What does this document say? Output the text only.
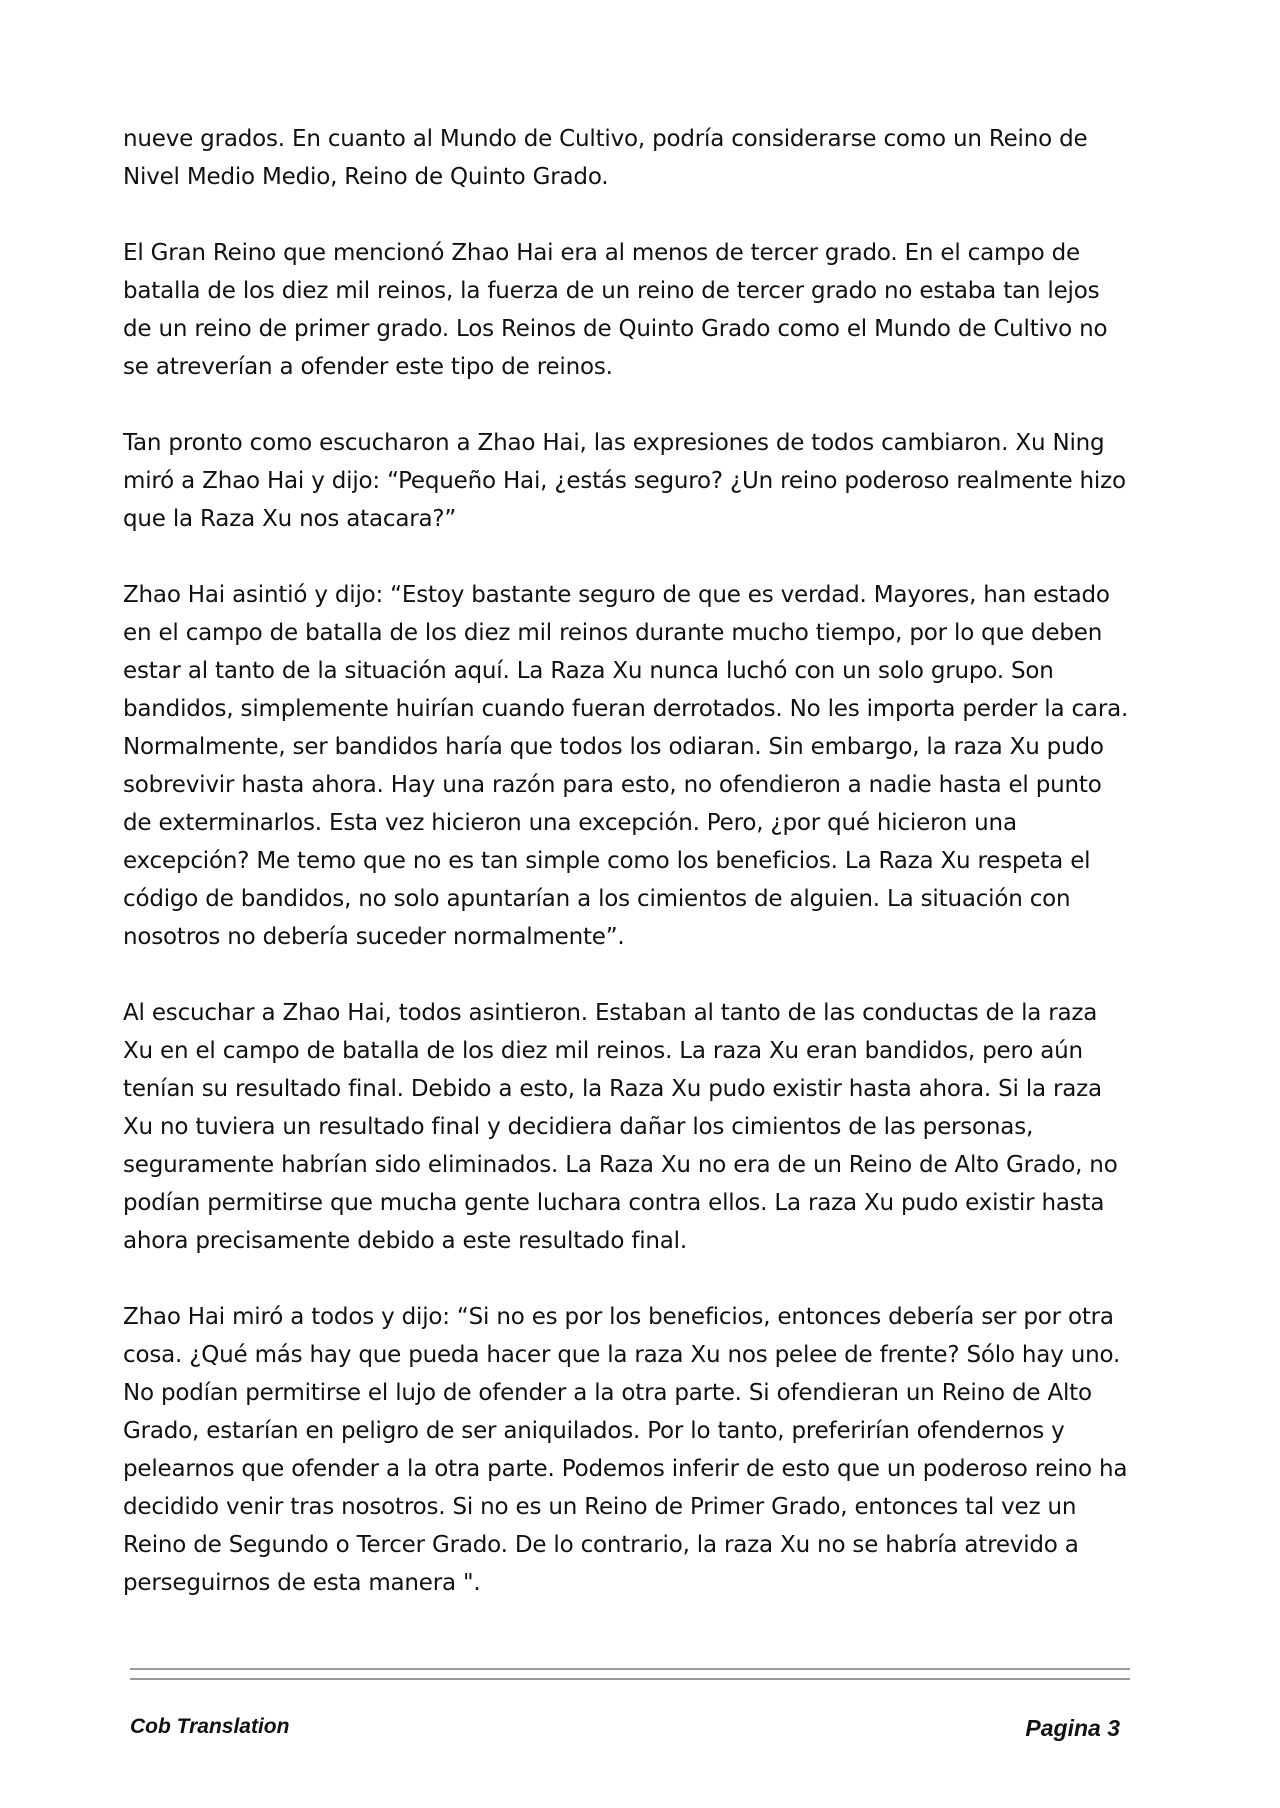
nueve grados. En cuanto al Mundo de Cultivo, podría considerarse como un Reino de Nivel Medio Medio, Reino de Quinto Grado.

El Gran Reino que mencionó Zhao Hai era al menos de tercer grado. En el campo de batalla de los diez mil reinos, la fuerza de un reino de tercer grado no estaba tan lejos de un reino de primer grado. Los Reinos de Quinto Grado como el Mundo de Cultivo no se atreverían a ofender este tipo de reinos.

Tan pronto como escucharon a Zhao Hai, las expresiones de todos cambiaron. Xu Ning miró a Zhao Hai y dijo: “Pequeño Hai, ¿estás seguro? ¿Un reino poderoso realmente hizo que la Raza Xu nos atacara?”

Zhao Hai asintió y dijo: “Estoy bastante seguro de que es verdad. Mayores, han estado en el campo de batalla de los diez mil reinos durante mucho tiempo, por lo que deben estar al tanto de la situación aquí. La Raza Xu nunca luchó con un solo grupo. Son bandidos, simplemente huirían cuando fueran derrotados. No les importa perder la cara. Normalmente, ser bandidos haría que todos los odiaran. Sin embargo, la raza Xu pudo sobrevivir hasta ahora. Hay una razón para esto, no ofendieron a nadie hasta el punto de exterminarlos. Esta vez hicieron una excepción. Pero, ¿por qué hicieron una excepción? Me temo que no es tan simple como los beneficios. La Raza Xu respeta el código de bandidos, no solo apuntarían a los cimientos de alguien. La situación con nosotros no debería suceder normalmente”.

Al escuchar a Zhao Hai, todos asintieron. Estaban al tanto de las conductas de la raza Xu en el campo de batalla de los diez mil reinos. La raza Xu eran bandidos, pero aún tenían su resultado final. Debido a esto, la Raza Xu pudo existir hasta ahora. Si la raza Xu no tuviera un resultado final y decidiera dañar los cimientos de las personas, seguramente habrían sido eliminados. La Raza Xu no era de un Reino de Alto Grado, no podían permitirse que mucha gente luchara contra ellos. La raza Xu pudo existir hasta ahora precisamente debido a este resultado final.

Zhao Hai miró a todos y dijo: “Si no es por los beneficios, entonces debería ser por otra cosa. ¿Qué más hay que pueda hacer que la raza Xu nos pelee de frente? Sólo hay uno. No podían permitirse el lujo de ofender a la otra parte. Si ofendieran un Reino de Alto Grado, estarían en peligro de ser aniquilados. Por lo tanto, preferirían ofendernos y pelearnos que ofender a la otra parte. Podemos inferir de esto que un poderoso reino ha decidido venir tras nosotros. Si no es un Reino de Primer Grado, entonces tal vez un Reino de Segundo o Tercer Grado. De lo contrario, la raza Xu no se habría atrevido a perseguirnos de esta manera ".

Cob Translation	Pagina 3
